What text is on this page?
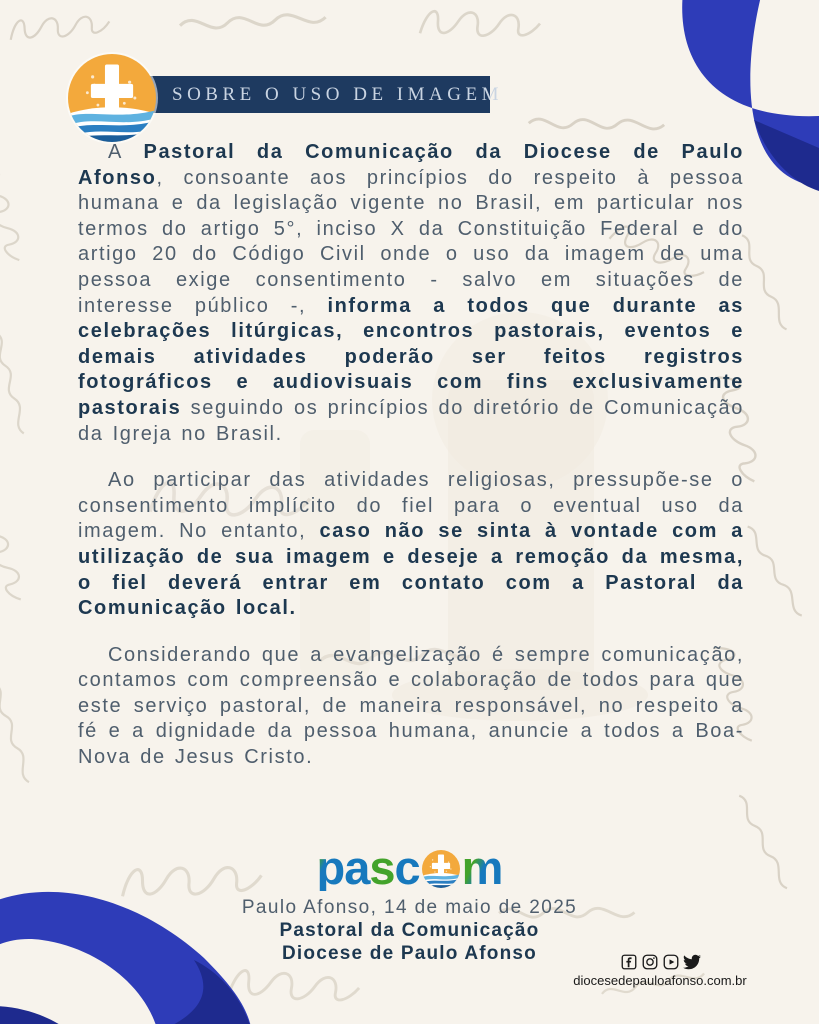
SOBRE O USO DE IMAGEM

A Pastoral da Comunicação da Diocese de Paulo Afonso, consoante aos princípios do respeito à pessoa humana e da legislação vigente no Brasil, em particular nos termos do artigo 5°, inciso X da Constituição Federal e do artigo 20 do Código Civil onde o uso da imagem de uma pessoa exige consentimento - salvo em situações de interesse público -, informa a todos que durante as celebrações litúrgicas, encontros pastorais, eventos e demais atividades poderão ser feitos registros fotográficos e audiovisuais com fins exclusivamente pastorais seguindo os princípios do diretório de Comunicação da Igreja no Brasil.

Ao participar das atividades religiosas, pressupõe-se o consentimento implícito do fiel para o eventual uso da imagem. No entanto, caso não se sinta à vontade com a utilização de sua imagem e deseje a remoção da mesma, o fiel deverá entrar em contato com a Pastoral da Comunicação local.

Considerando que a evangelização é sempre comunicação, contamos com compreensão e colaboração de todos para que este serviço pastoral, de maneira responsável, no respeito a fé e a dignidade da pessoa humana, anuncie a todos a Boa-Nova de Jesus Cristo.

p a s c m
Paulo Afonso, 14 de maio de 2025
Pastoral da Comunicação
Diocese de Paulo Afonso
diocesedepauloafonso.com.br
